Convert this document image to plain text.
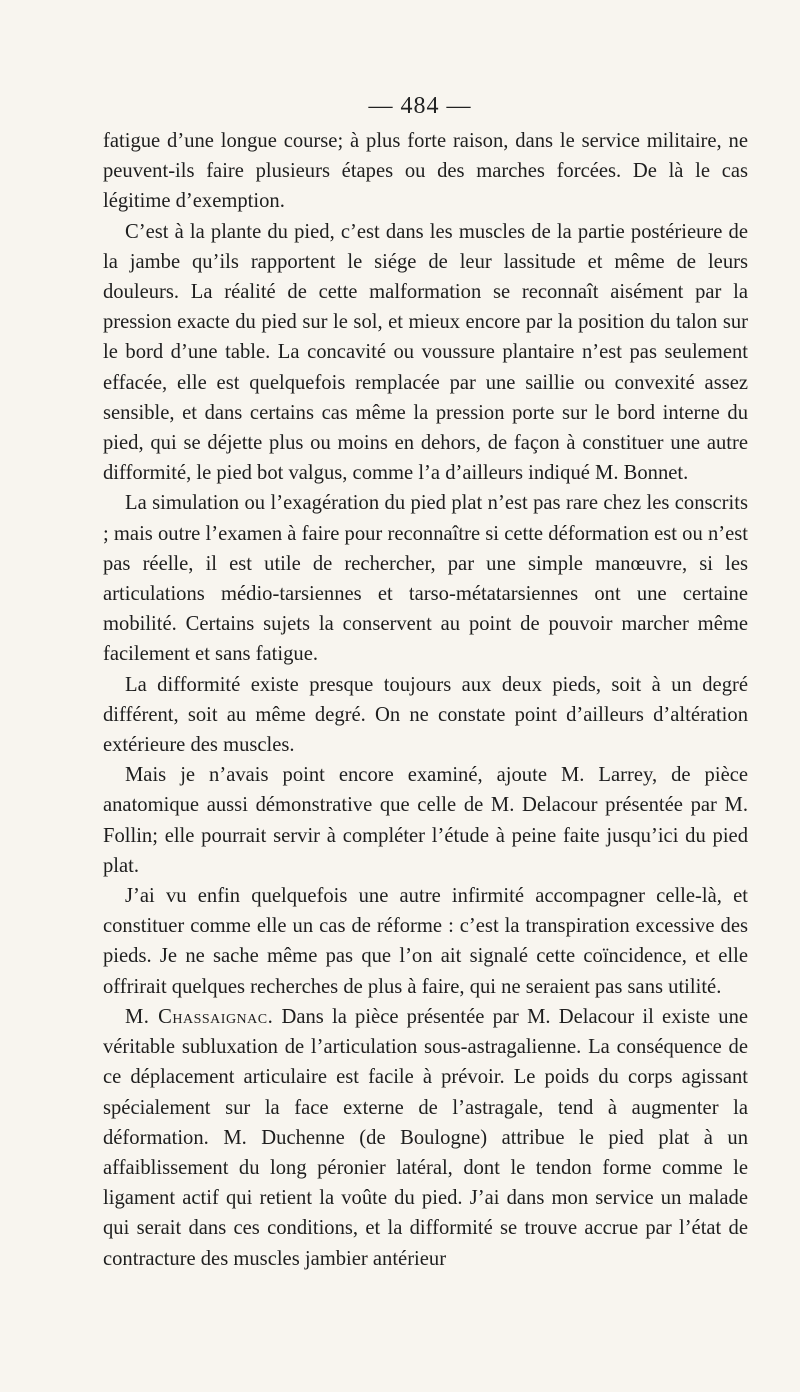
— 484 —

fatigue d’une longue course; à plus forte raison, dans le service militaire, ne peuvent-ils faire plusieurs étapes ou des marches forcées. De là le cas légitime d’exemption.

C’est à la plante du pied, c’est dans les muscles de la partie postérieure de la jambe qu’ils rapportent le siége de leur lassitude et même de leurs douleurs. La réalité de cette malformation se reconnaît aisément par la pression exacte du pied sur le sol, et mieux encore par la position du talon sur le bord d’une table. La concavité ou voussure plantaire n’est pas seulement effacée, elle est quelquefois remplacée par une saillie ou convexité assez sensible, et dans certains cas même la pression porte sur le bord interne du pied, qui se déjette plus ou moins en dehors, de façon à constituer une autre difformité, le pied bot valgus, comme l’a d’ailleurs indiqué M. Bonnet.

La simulation ou l’exagération du pied plat n’est pas rare chez les conscrits ; mais outre l’examen à faire pour reconnaître si cette déformation est ou n’est pas réelle, il est utile de rechercher, par une simple manœuvre, si les articulations médio-tarsiennes et tarso-métatarsiennes ont une certaine mobilité. Certains sujets la conservent au point de pouvoir marcher même facilement et sans fatigue.

La difformité existe presque toujours aux deux pieds, soit à un degré différent, soit au même degré. On ne constate point d’ailleurs d’altération extérieure des muscles.

Mais je n’avais point encore examiné, ajoute M. Larrey, de pièce anatomique aussi démonstrative que celle de M. Delacour présentée par M. Follin; elle pourrait servir à compléter l’étude à peine faite jusqu’ici du pied plat.

J’ai vu enfin quelquefois une autre infirmité accompagner celle-là, et constituer comme elle un cas de réforme : c’est la transpiration excessive des pieds. Je ne sache même pas que l’on ait signalé cette coïncidence, et elle offrirait quelques recherches de plus à faire, qui ne seraient pas sans utilité.

M. Chassaignac. Dans la pièce présentée par M. Delacour il existe une véritable subluxation de l’articulation sous-astragalienne. La conséquence de ce déplacement articulaire est facile à prévoir. Le poids du corps agissant spécialement sur la face externe de l’astragale, tend à augmenter la déformation. M. Duchenne (de Boulogne) attribue le pied plat à un affaiblissement du long péronier latéral, dont le tendon forme comme le ligament actif qui retient la voûte du pied. J’ai dans mon service un malade qui serait dans ces conditions, et la difformité se trouve accrue par l’état de contracture des muscles jambier antérieur
